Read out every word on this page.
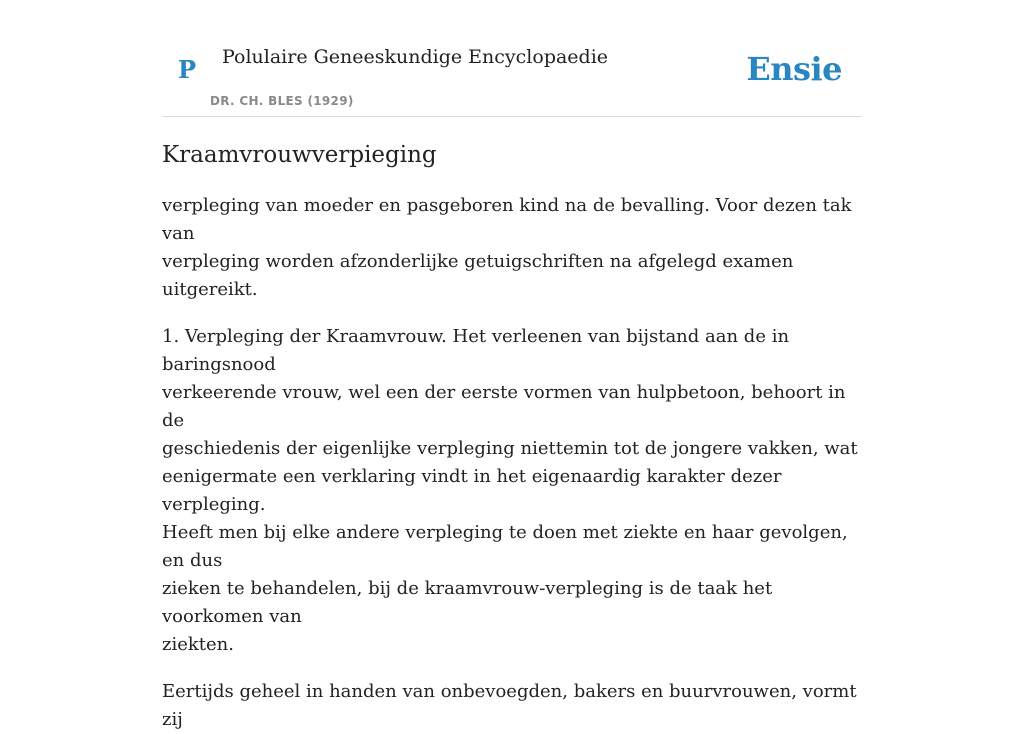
P Polulaire Geneeskundige Encyclopaedie
DR. CH. BLES (1929)
Ensie
Kraamvrouwverpieging

verpleging van moeder en pasgeboren kind na de bevalling. Voor dezen tak van
verpleging worden afzonderlijke getuigschriften na afgelegd examen uitgereikt.

1. Verpleging der Kraamvrouw. Het verleenen van bijstand aan de in baringsnood
verkeerende vrouw, wel een der eerste vormen van hulpbetoon, behoort in de
geschiedenis der eigenlijke verpleging niettemin tot de jongere vakken, wat
eenigermate een verklaring vindt in het eigenaardig karakter dezer verpleging.
Heeft men bij elke andere verpleging te doen met ziekte en haar gevolgen, en dus
zieken te behandelen, bij de kraamvrouw-verpleging is de taak het voorkomen van
ziekten.

Eertijds geheel in handen van onbevoegden, bakers en buurvrouwen, vormt zij
